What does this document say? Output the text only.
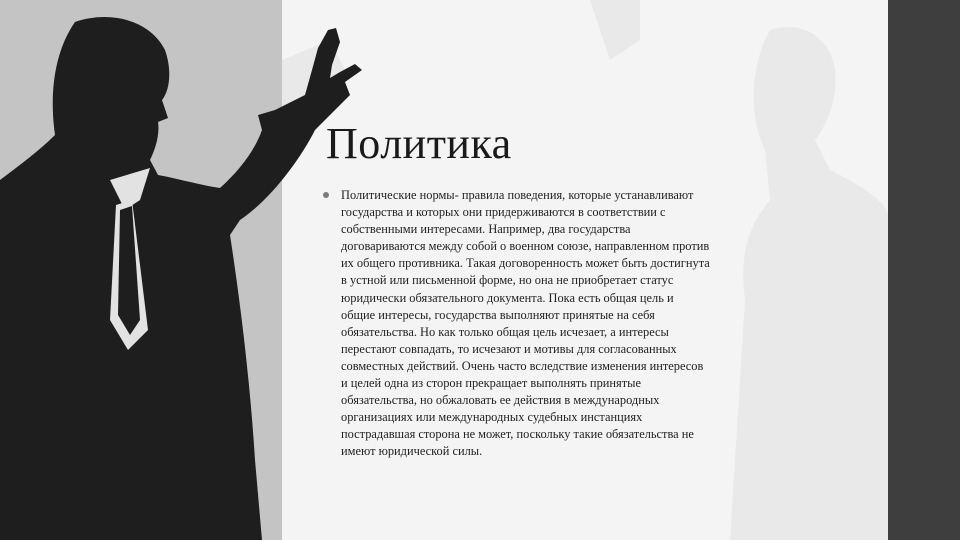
Политика

Политические нормы- правила поведения, которые устанавливают
государства и которых они придерживаются в соответствии с
собственными интересами. Например, два государства
договариваются между собой о военном союзе, направленном против
их общего противника. Такая договоренность может быть достигнута
в устной или письменной форме, но она не приобретает статус
юридически обязательного документа. Пока есть общая цель и
общие интересы, государства выполняют принятые на себя
обязательства. Но как только общая цель исчезает, а интересы
перестают совпадать, то исчезают и мотивы для согласованных
совместных действий. Очень часто вследствие изменения интересов
и целей одна из сторон прекращает выполнять принятые
обязательства, но обжаловать ее действия в международных
организациях или международных судебных инстанциях
пострадавшая сторона не может, поскольку такие обязательства не
имеют юридической силы.
